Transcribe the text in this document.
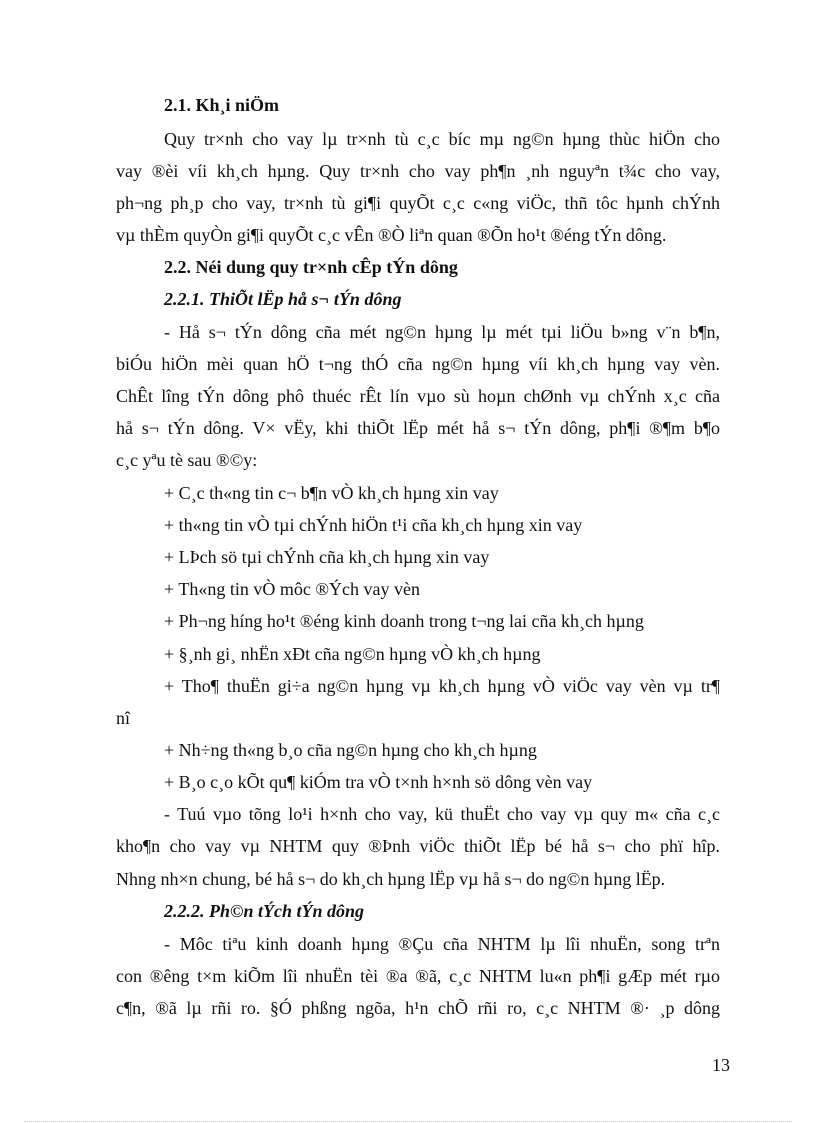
2.1. Kh¸i niÖm
Quy tr×nh cho vay lµ tr×nh tù c¸c bíc mµ ng©n hµng thùc hiÖn cho
vay ®èi víi kh¸ch hµng. Quy tr×nh cho vay ph¶n ¸nh nguyªn t¾c cho vay,
ph¬ng ph¸p cho vay, tr×nh tù gi¶i quyÕt c¸c c«ng viÖc, thñ tôc hµnh chÝnh
vµ thÈm quyÒn gi¶i quyÕt c¸c vÊn ®Ò liªn quan ®Õn ho¹t ®éng tÝn dông.
2.2. Néi dung quy tr×nh cÊp tÝn dông
2.2.1. ThiÕt lËp hå s¬ tÝn dông
- Hå s¬ tÝn dông cña mét ng©n hµng lµ mét tµi liÖu b»ng v¨n b¶n,
biÓu hiÖn mèi quan hÖ t¬ng thÓ cña ng©n hµng víi kh¸ch hµng vay vèn.
ChÊt lîng tÝn dông phô thuéc rÊt lín vµo sù hoµn chØnh vµ chÝnh x¸c cña
hå s¬ tÝn dông. V× vËy, khi thiÕt lËp mét hå s¬ tÝn dông, ph¶i ®¶m b¶o
c¸c yªu tè sau ®©y:
+ C¸c th«ng tin c¬ b¶n vÒ kh¸ch hµng xin vay
+ th«ng tin vÒ tµi chÝnh hiÖn t¹i cña kh¸ch hµng xin vay
+ LÞch sö tµi chÝnh cña kh¸ch hµng xin vay
+ Th«ng tin vÒ môc ®Ých vay vèn
+ Ph¬ng híng ho¹t ®éng kinh doanh trong t¬ng lai cña kh¸ch hµng
+ §¸nh gi¸ nhËn xÐt cña ng©n hµng vÒ kh¸ch hµng
+ Tho¶ thuËn gi÷a ng©n hµng vµ kh¸ch hµng vÒ viÖc vay vèn vµ tr¶
nî
+ Nh÷ng th«ng b¸o cña ng©n hµng cho kh¸ch hµng
+ B¸o c¸o kÕt qu¶ kiÓm tra vÒ t×nh h×nh sö dông vèn vay
- Tuú vµo tõng lo¹i h×nh cho vay, kü thuËt cho vay vµ quy m« cña c¸c
kho¶n cho vay vµ NHTM quy ®Þnh viÖc thiÕt lËp bé hå s¬ cho phï hîp.
Nhng nh×n chung, bé hå s¬ do kh¸ch hµng lËp vµ hå s¬ do ng©n hµng lËp.
2.2.2. Ph©n tÝch tÝn dông
- Môc tiªu kinh doanh hµng ®Çu cña NHTM lµ lîi nhuËn, song trªn
con ®êng t×m kiÕm lîi nhuËn tèi ®a ®ã, c¸c NHTM lu«n ph¶i gÆp mét rµo
c¶n, ®ã lµ rñi ro. §Ó phßng ngõa, h¹n chÕ rñi ro, c¸c NHTM ®· ¸p dông
13
